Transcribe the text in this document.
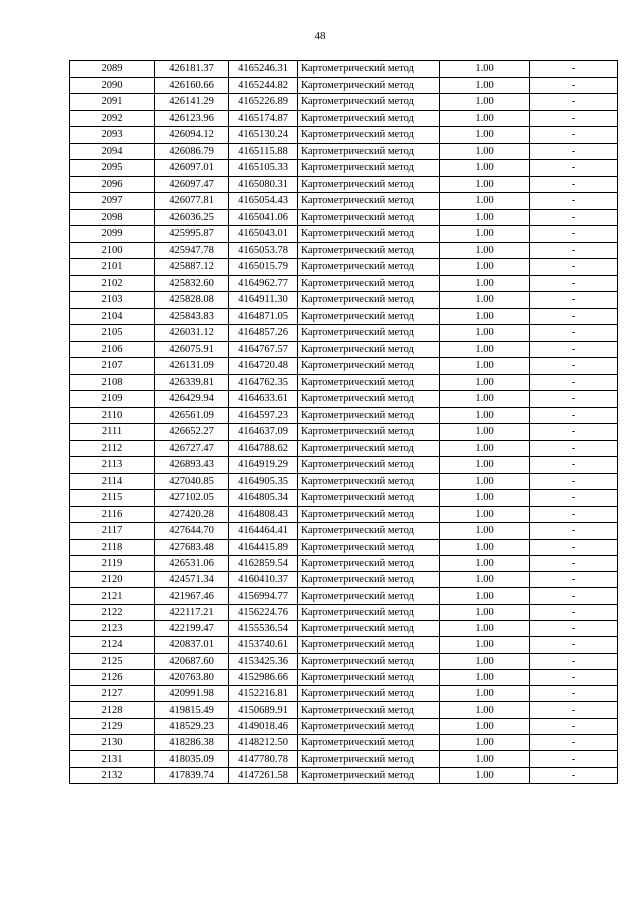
48
2089	426181.37	4165246.31	Картометрический метод	1.00	-
2090	426160.66	4165244.82	Картометрический метод	1.00	-
2091	426141.29	4165226.89	Картометрический метод	1.00	-
2092	426123.96	4165174.87	Картометрический метод	1.00	-
2093	426094.12	4165130.24	Картометрический метод	1.00	-
2094	426086.79	4165115.88	Картометрический метод	1.00	-
2095	426097.01	4165105.33	Картометрический метод	1.00	-
2096	426097.47	4165080.31	Картометрический метод	1.00	-
2097	426077.81	4165054.43	Картометрический метод	1.00	-
2098	426036.25	4165041.06	Картометрический метод	1.00	-
2099	425995.87	4165043.01	Картометрический метод	1.00	-
2100	425947.78	4165053.78	Картометрический метод	1.00	-
2101	425887.12	4165015.79	Картометрический метод	1.00	-
2102	425832.60	4164962.77	Картометрический метод	1.00	-
2103	425828.08	4164911.30	Картометрический метод	1.00	-
2104	425843.83	4164871.05	Картометрический метод	1.00	-
2105	426031.12	4164857.26	Картометрический метод	1.00	-
2106	426075.91	4164767.57	Картометрический метод	1.00	-
2107	426131.09	4164720.48	Картометрический метод	1.00	-
2108	426339.81	4164762.35	Картометрический метод	1.00	-
2109	426429.94	4164633.61	Картометрический метод	1.00	-
2110	426561.09	4164597.23	Картометрический метод	1.00	-
2111	426652.27	4164637.09	Картометрический метод	1.00	-
2112	426727.47	4164788.62	Картометрический метод	1.00	-
2113	426893.43	4164919.29	Картометрический метод	1.00	-
2114	427040.85	4164905.35	Картометрический метод	1.00	-
2115	427102.05	4164805.34	Картометрический метод	1.00	-
2116	427420.28	4164808.43	Картометрический метод	1.00	-
2117	427644.70	4164464.41	Картометрический метод	1.00	-
2118	427683.48	4164415.89	Картометрический метод	1.00	-
2119	426531.06	4162859.54	Картометрический метод	1.00	-
2120	424571.34	4160410.37	Картометрический метод	1.00	-
2121	421967.46	4156994.77	Картометрический метод	1.00	-
2122	422117.21	4156224.76	Картометрический метод	1.00	-
2123	422199.47	4155536.54	Картометрический метод	1.00	-
2124	420837.01	4153740.61	Картометрический метод	1.00	-
2125	420687.60	4153425.36	Картометрический метод	1.00	-
2126	420763.80	4152986.66	Картометрический метод	1.00	-
2127	420991.98	4152216.81	Картометрический метод	1.00	-
2128	419815.49	4150689.91	Картометрический метод	1.00	-
2129	418529.23	4149018.46	Картометрический метод	1.00	-
2130	418286.38	4148212.50	Картометрический метод	1.00	-
2131	418035.09	4147780.78	Картометрический метод	1.00	-
2132	417839.74	4147261.58	Картометрический метод	1.00	-
